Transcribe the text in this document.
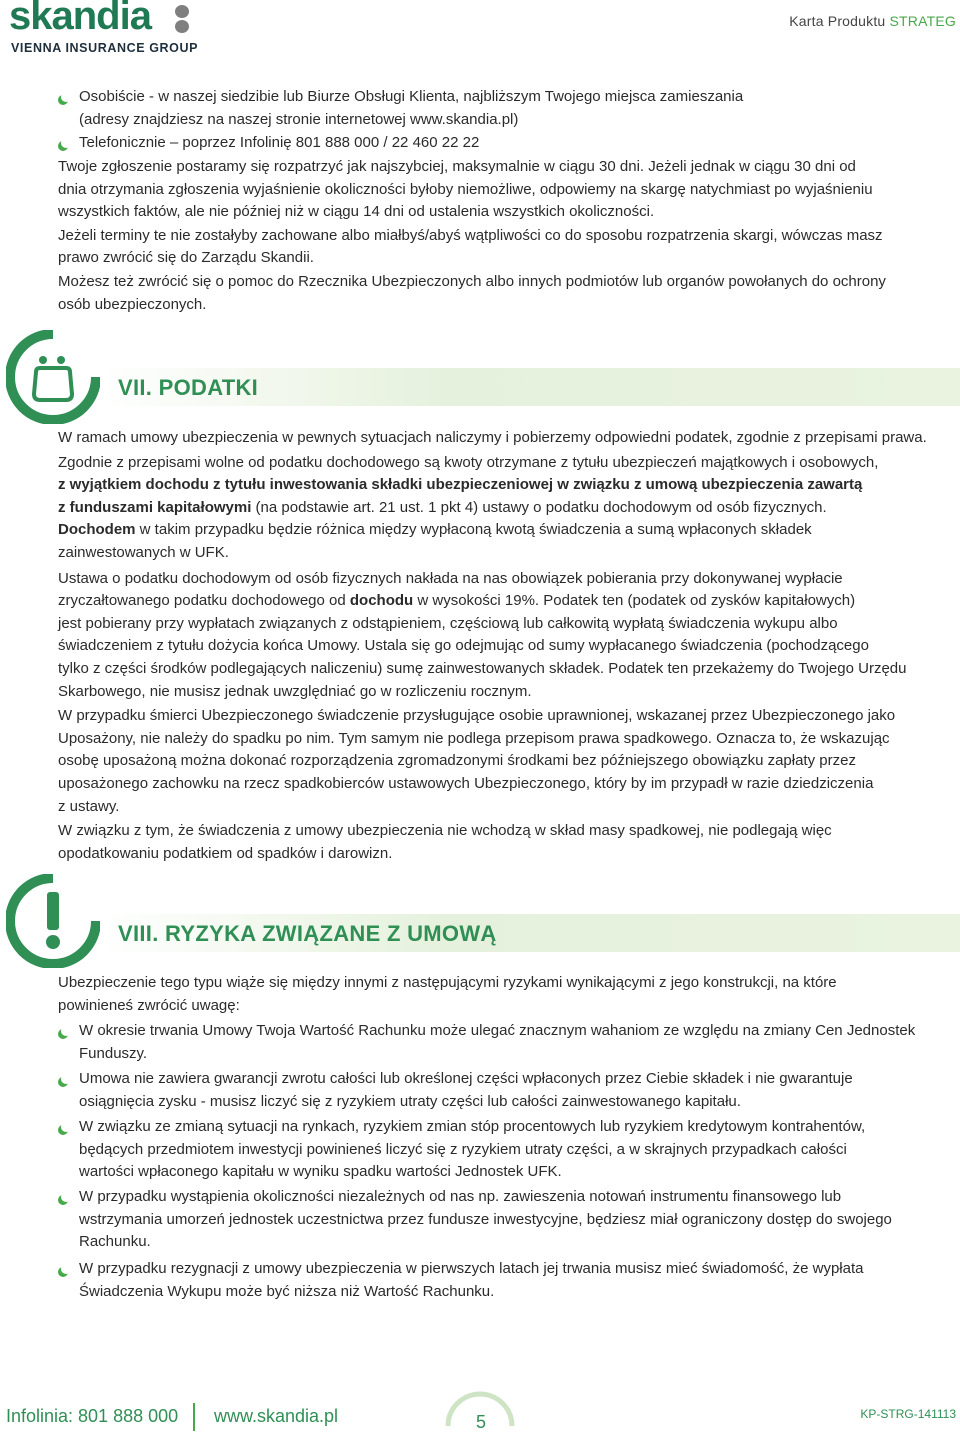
skandia
VIENNA INSURANCE GROUP
Karta Produktu STRATEG

Osobiście - w naszej siedzibie lub Biurze Obsługi Klienta, najbliższym Twojego miejsca zamieszania

(adresy znajdziesz na naszej stronie internetowej www.skandia.pl)

Telefonicznie – poprzez Infolinię 801 888 000 / 22 460 22 22

Twoje zgłoszenie postaramy się rozpatrzyć jak najszybciej, maksymalnie w ciągu 30 dni. Jeżeli jednak w ciągu 30 dni od

dnia otrzymania zgłoszenia wyjaśnienie okoliczności byłoby niemożliwe, odpowiemy na skargę natychmiast po wyjaśnieniu

wszystkich faktów, ale nie później niż w ciągu 14 dni od ustalenia wszystkich okoliczności.

Jeżeli terminy te nie zostałyby zachowane albo miałbyś/abyś wątpliwości co do sposobu rozpatrzenia skargi, wówczas masz

prawo zwrócić się do Zarządu Skandii.

Możesz też zwrócić się o pomoc do Rzecznika Ubezpieczonych albo innych podmiotów lub organów powołanych do ochrony

osób ubezpieczonych.

VII. PODATKI

W ramach umowy ubezpieczenia w pewnych sytuacjach naliczymy i pobierzemy odpowiedni podatek, zgodnie z przepisami prawa.

Zgodnie z przepisami wolne od podatku dochodowego są kwoty otrzymane z tytułu ubezpieczeń majątkowych i osobowych,

z wyjątkiem dochodu z tytułu inwestowania składki ubezpieczeniowej w związku z umową ubezpieczenia zawartą

z funduszami kapitałowymi (na podstawie art. 21 ust. 1 pkt 4) ustawy o podatku dochodowym od osób fizycznych.

Dochodem w takim przypadku będzie różnica między wypłaconą kwotą świadczenia a sumą wpłaconych składek

zainwestowanych w UFK.

Ustawa o podatku dochodowym od osób fizycznych nakłada na nas obowiązek pobierania przy dokonywanej wypłacie

zryczałtowanego podatku dochodowego od dochodu w wysokości 19%. Podatek ten (podatek od zysków kapitałowych)

jest pobierany przy wypłatach związanych z odstąpieniem, częściową lub całkowitą wypłatą świadczenia wykupu albo

świadczeniem z tytułu dożycia końca Umowy. Ustala się go odejmując od sumy wypłacanego świadczenia (pochodzącego

tylko z części środków podlegających naliczeniu) sumę zainwestowanych składek. Podatek ten przekażemy do Twojego Urzędu

Skarbowego, nie musisz jednak uwzględniać go w rozliczeniu rocznym.

W przypadku śmierci Ubezpieczonego świadczenie przysługujące osobie uprawnionej, wskazanej przez Ubezpieczonego jako

Uposażony, nie należy do spadku po nim. Tym samym nie podlega przepisom prawa spadkowego. Oznacza to, że wskazując

osobę uposażoną można dokonać rozporządzenia zgromadzonymi środkami bez późniejszego obowiązku zapłaty przez

uposażonego zachowku na rzecz spadkobierców ustawowych Ubezpieczonego, który by im przypadł w razie dziedziczenia

z ustawy.

W związku z tym, że świadczenia z umowy ubezpieczenia nie wchodzą w skład masy spadkowej, nie podlegają więc

opodatkowaniu podatkiem od spadków i darowizn.

VIII. RYZYKA ZWIĄZANE Z UMOWĄ

Ubezpieczenie tego typu wiąże się między innymi z następującymi ryzykami wynikającymi z jego konstrukcji, na które

powinieneś zwrócić uwagę:

W okresie trwania Umowy Twoja Wartość Rachunku może ulegać znacznym wahaniom ze względu na zmiany Cen Jednostek

Funduszy.

Umowa nie zawiera gwarancji zwrotu całości lub określonej części wpłaconych przez Ciebie składek i nie gwarantuje

osiągnięcia zysku - musisz liczyć się z ryzykiem utraty części lub całości zainwestowanego kapitału.

W związku ze zmianą sytuacji na rynkach, ryzykiem zmian stóp procentowych lub ryzykiem kredytowym kontrahentów,

będących przedmiotem inwestycji powinieneś liczyć się z ryzykiem utraty części, a w skrajnych przypadkach całości

wartości wpłaconego kapitału w wyniku spadku wartości Jednostek UFK.

W przypadku wystąpienia okoliczności niezależnych od nas np. zawieszenia notowań instrumentu finansowego lub

wstrzymania umorzeń jednostek uczestnictwa przez fundusze inwestycyjne, będziesz miał ograniczony dostęp do swojego

Rachunku.

W przypadku rezygnacji z umowy ubezpieczenia w pierwszych latach jej trwania musisz mieć świadomość, że wypłata

Świadczenia Wykupu może być niższa niż Wartość Rachunku.

Infolinia: 801 888 000 www.skandia.pl	5	KP-STRG-141113
